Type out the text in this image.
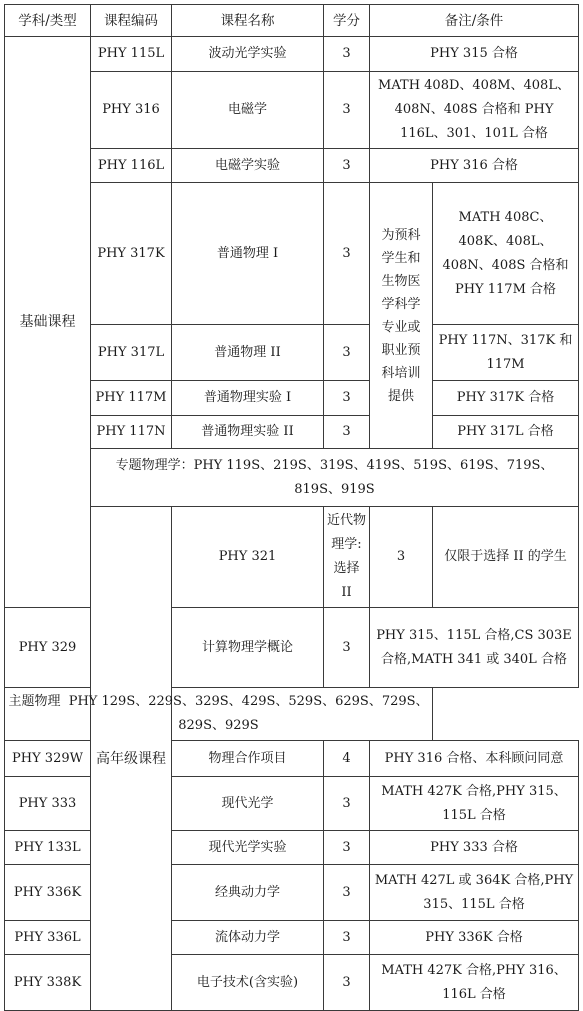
学科/类型	课程编码	课程名称	学分	备注/条件	
基础课程	PHY 115L	波动光学实验	3	PHY 315 合格	
	PHY 316	电磁学	3	MATH 408D、408M、408L、408N、408S 合格和 PHY 116L、301、101L 合格	
	PHY 116L	电磁学实验	3	PHY 316 合格	
	PHY 317K	普通物理 I	3	为预科学生和生物医学科学专业或职业预科培训提供	MATH 408C、408K、408L、408N、408S 合格和 PHY 117M 合格
	PHY 317L	普通物理 II	3		PHY 117N、317K 和 117M
	PHY 117M	普通物理实验 I	3		PHY 317K 合格
	PHY 117N	普通物理实验 II	3		PHY 317L 合格
	专题物理学：PHY 119S、219S、319S、419S、519S、619S、719S、819S、919S				
	高年级课程	PHY 321	近代物理学:选择 II	3	仅限于选择 II 的学生
PHY 329		计算物理学概论	3	PHY 315、115L 合格,CS 303E 合格,MATH 341 或 340L 合格	
主题物理 PHY 129S、229S、329S、429S、529S、629S、729S、829S、929S					
PHY 329W		物理合作项目	4	PHY 316 合格、本科顾问同意	
PHY 333		现代光学	3	MATH 427K 合格,PHY 315、115L 合格	
PHY 133L		现代光学实验	3	PHY 333 合格	
PHY 336K		经典动力学	3	MATH 427L 或 364K 合格,PHY 315、115L 合格	
PHY 336L		流体动力学	3	PHY 336K 合格	
PHY 338K		电子技术(含实验)	3	MATH 427K 合格,PHY 316、116L 合格	
